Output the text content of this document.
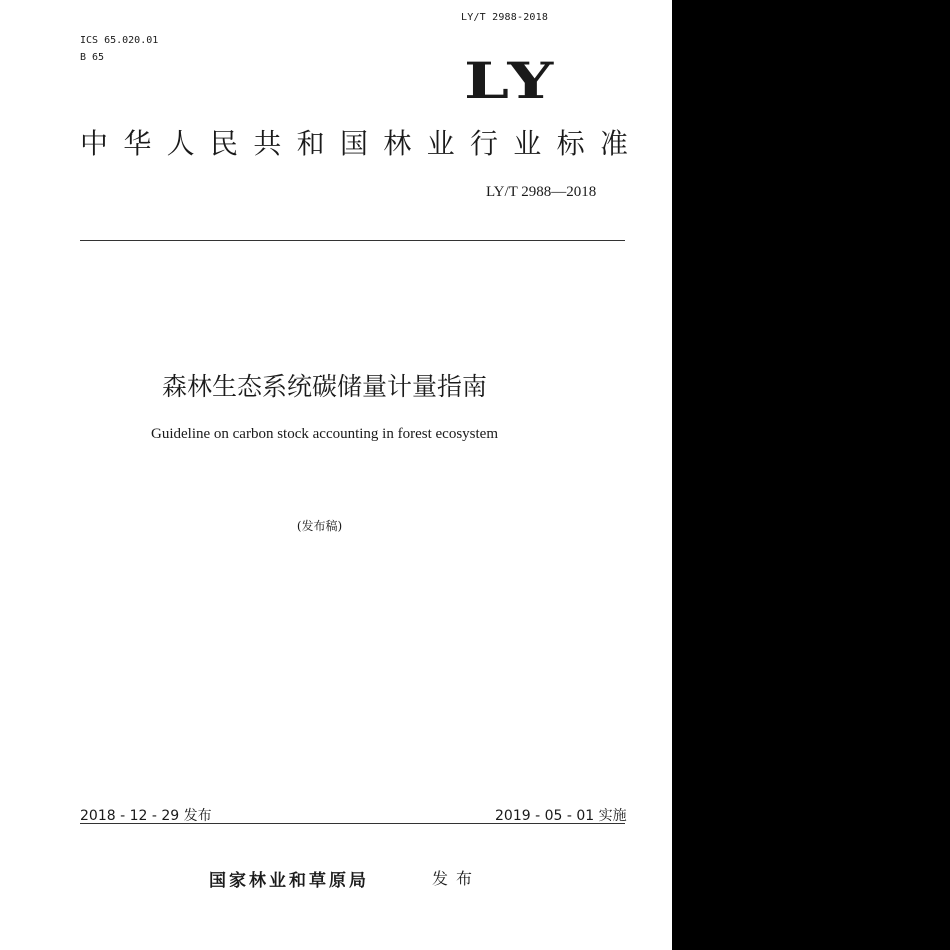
LY/T 2988-2018
ICS 65.020.01
B 65	LY
中 华 人 民 共 和 国 林 业 行 业 标 准
LY/T 2988—2018
森林生态系统碳储量计量指南
Guideline on carbon stock accounting in forest ecosystem
(发布稿)
2018 - 12 - 29 发布	2019 - 05 - 01 实施
国家林业和草原局	发布
